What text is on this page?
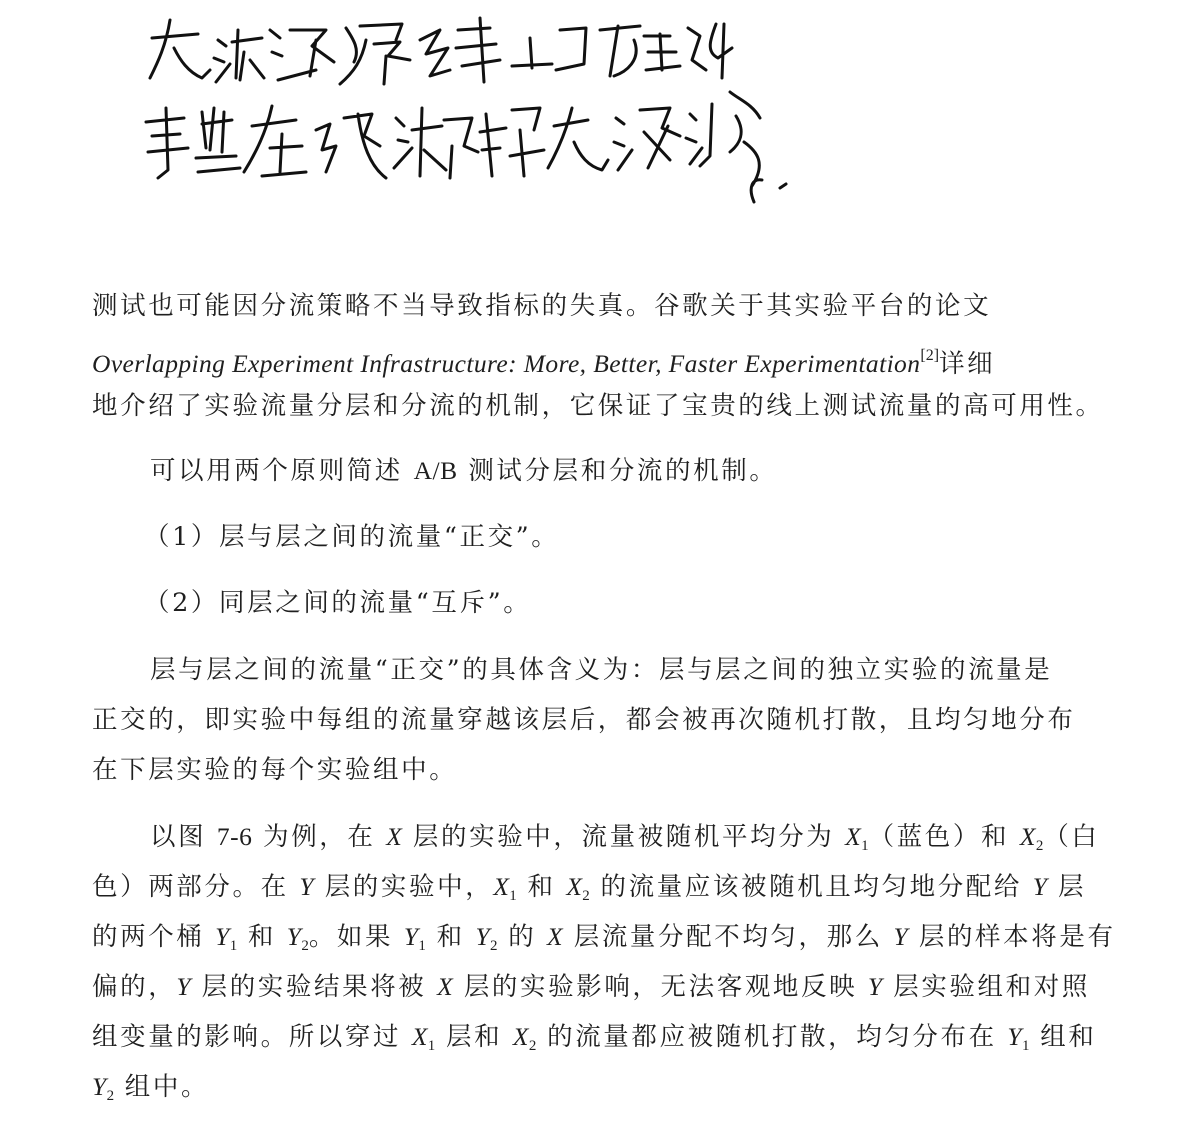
测试也可能因分流策略不当导致指标的失真。谷歌关于其实验平台的论文
Overlapping Experiment Infrastructure: More, Better, Faster Experimentation[2]详细
地介绍了实验流量分层和分流的机制，它保证了宝贵的线上测试流量的高可用性。
可以用两个原则简述 A/B 测试分层和分流的机制。
（1）层与层之间的流量“正交”。
（2）同层之间的流量“互斥”。
层与层之间的流量“正交”的具体含义为：层与层之间的独立实验的流量是
正交的，即实验中每组的流量穿越该层后，都会被再次随机打散，且均匀地分布
在下层实验的每个实验组中。
以图 7-6 为例，在 X 层的实验中，流量被随机平均分为 $X_1$（蓝色）和 $X_2$（白
色）两部分。在 Y 层的实验中，$X_1$ 和 $X_2$ 的流量应该被随机且均匀地分配给 Y 层
的两个桶 $Y_1$ 和 $Y_2$。如果 $Y_1$ 和 $Y_2$ 的 X 层流量分配不均匀，那么 Y 层的样本将是有
偏的，Y 层的实验结果将被 X 层的实验影响，无法客观地反映 Y 层实验组和对照
组变量的影响。所以穿过 $X_1$ 层和 $X_2$ 的流量都应被随机打散，均匀分布在 $Y_1$ 组和
$Y_2$ 组中。
